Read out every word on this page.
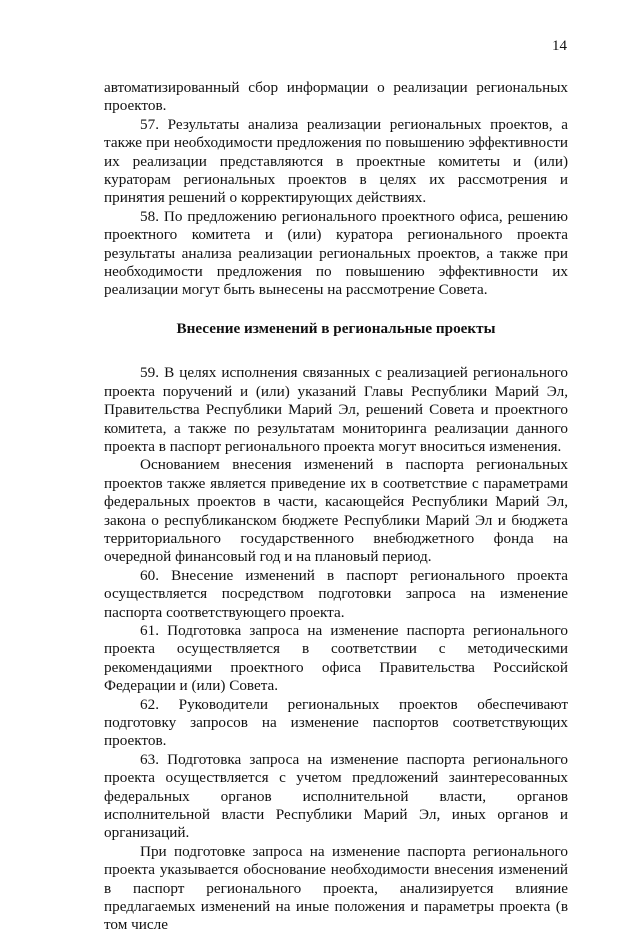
14

автоматизированный сбор информации о реализации региональных проектов.

57. Результаты анализа реализации региональных проектов, а также при необходимости предложения по повышению эффективности их реализации представляются в проектные комитеты и (или) кураторам региональных проектов в целях их рассмотрения и принятия решений о корректирующих действиях.

58. По предложению регионального проектного офиса, решению проектного комитета и (или) куратора регионального проекта результаты анализа реализации региональных проектов, а также при необходимости предложения по повышению эффективности их реализации могут быть вынесены на рассмотрение Совета.

Внесение изменений в региональные проекты

59. В целях исполнения связанных с реализацией регионального проекта поручений и (или) указаний Главы Республики Марий Эл, Правительства Республики Марий Эл, решений Совета и проектного комитета, а также по результатам мониторинга реализации данного проекта в паспорт регионального проекта могут вноситься изменения.

Основанием внесения изменений в паспорта региональных проектов также является приведение их в соответствие с параметрами федеральных проектов в части, касающейся Республики Марий Эл, закона о республиканском бюджете Республики Марий Эл и бюджета территориального государственного внебюджетного фонда на очередной финансовый год и на плановый период.

60. Внесение изменений в паспорт регионального проекта осуществляется посредством подготовки запроса на изменение паспорта соответствующего проекта.

61. Подготовка запроса на изменение паспорта регионального проекта осуществляется в соответствии с методическими рекомендациями проектного офиса Правительства Российской Федерации и (или) Совета.

62. Руководители региональных проектов обеспечивают подготовку запросов на изменение паспортов соответствующих проектов.

63. Подготовка запроса на изменение паспорта регионального проекта осуществляется с учетом предложений заинтересованных федеральных органов исполнительной власти, органов исполнительной власти Республики Марий Эл, иных органов и организаций.

При подготовке запроса на изменение паспорта регионального проекта указывается обоснование необходимости внесения изменений в паспорт регионального проекта, анализируется влияние предлагаемых изменений на иные положения и параметры проекта (в том числе
